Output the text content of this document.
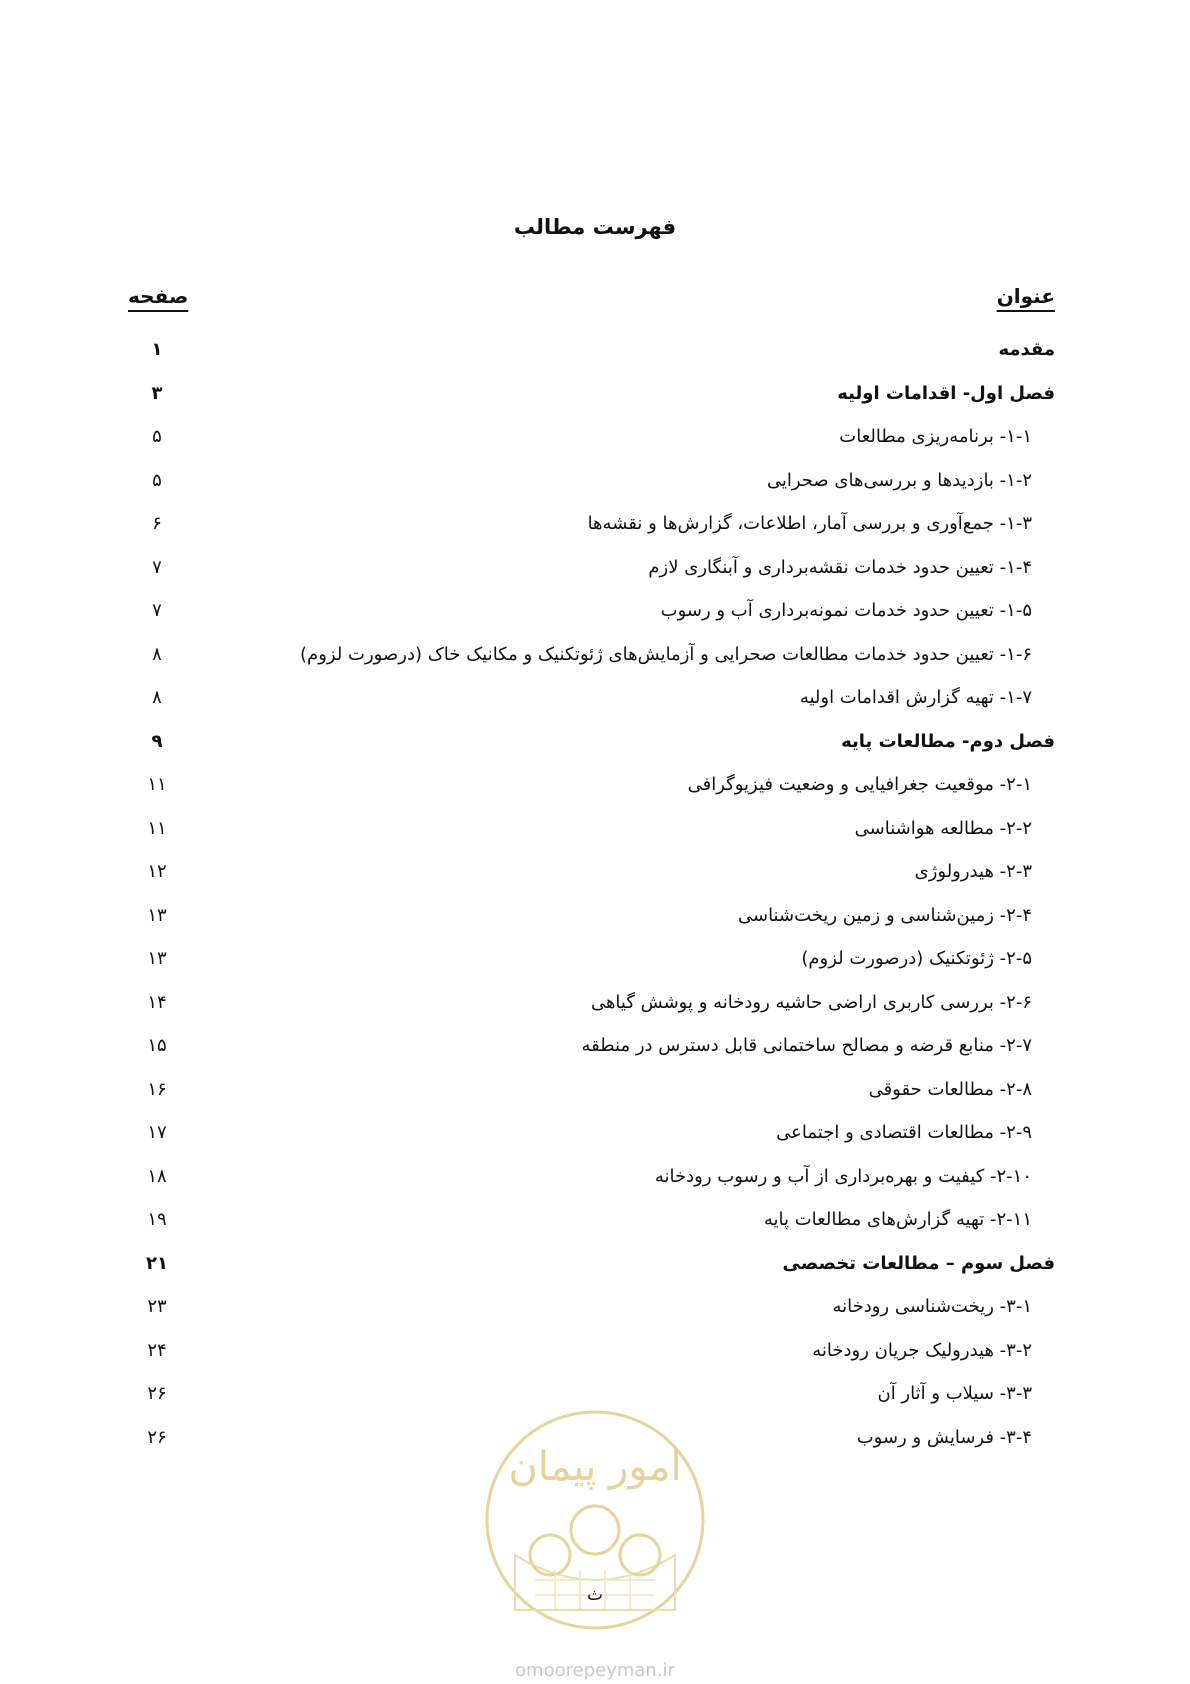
فهرست مطالب
عنوان
صفحه
مقدمه
۱
فصل اول- اقدامات اولیه
۳
۱-۱- برنامه‌ریزی مطالعات
۵
۱-۲- بازدیدها و بررسی‌های صحرایی
۵
۱-۳- جمع‌آوری و بررسی آمار، اطلاعات، گزارش‌ها و نقشه‌ها
۶
۱-۴- تعیین حدود خدمات نقشه‌برداری و آبنگاری لازم
۷
۱-۵- تعیین حدود خدمات نمونه‌برداری آب و رسوب
۷
۱-۶- تعیین حدود خدمات مطالعات صحرایی و آزمایش‌های ژئوتکنیک و مکانیک خاک (درصورت لزوم)
۸
۱-۷- تهیه گزارش اقدامات اولیه
۸
فصل دوم- مطالعات پایه
۹
۲-۱- موقعیت جغرافیایی و وضعیت فیزیوگرافی
۱۱
۲-۲- مطالعه هواشناسی
۱۱
۲-۳- هیدرولوژی
۱۲
۲-۴- زمین‌شناسی و زمین ریخت‌شناسی
۱۳
۲-۵- ژئوتکنیک (درصورت لزوم)
۱۳
۲-۶- بررسی کاربری اراضی حاشیه رودخانه و پوشش گیاهی
۱۴
۲-۷- منابع قرضه و مصالح ساختمانی قابل دسترس در منطقه
۱۵
۲-۸- مطالعات حقوقی
۱۶
۲-۹- مطالعات اقتصادی و اجتماعی
۱۷
۲-۱۰- کیفیت و بهره‌برداری از آب و رسوب رودخانه
۱۸
۲-۱۱- تهیه گزارش‌های مطالعات پایه
۱۹
فصل سوم – مطالعات تخصصی
۲۱
۳-۱- ریخت‌شناسی رودخانه
۲۳
۳-۲- هیدرولیک جریان رودخانه
۲۴
۳-۳- سیلاب و آثار آن
۲۶
۳-۴- فرسایش و رسوب
۲۶
امور پیمان
ث
omoorepeyman.ir
